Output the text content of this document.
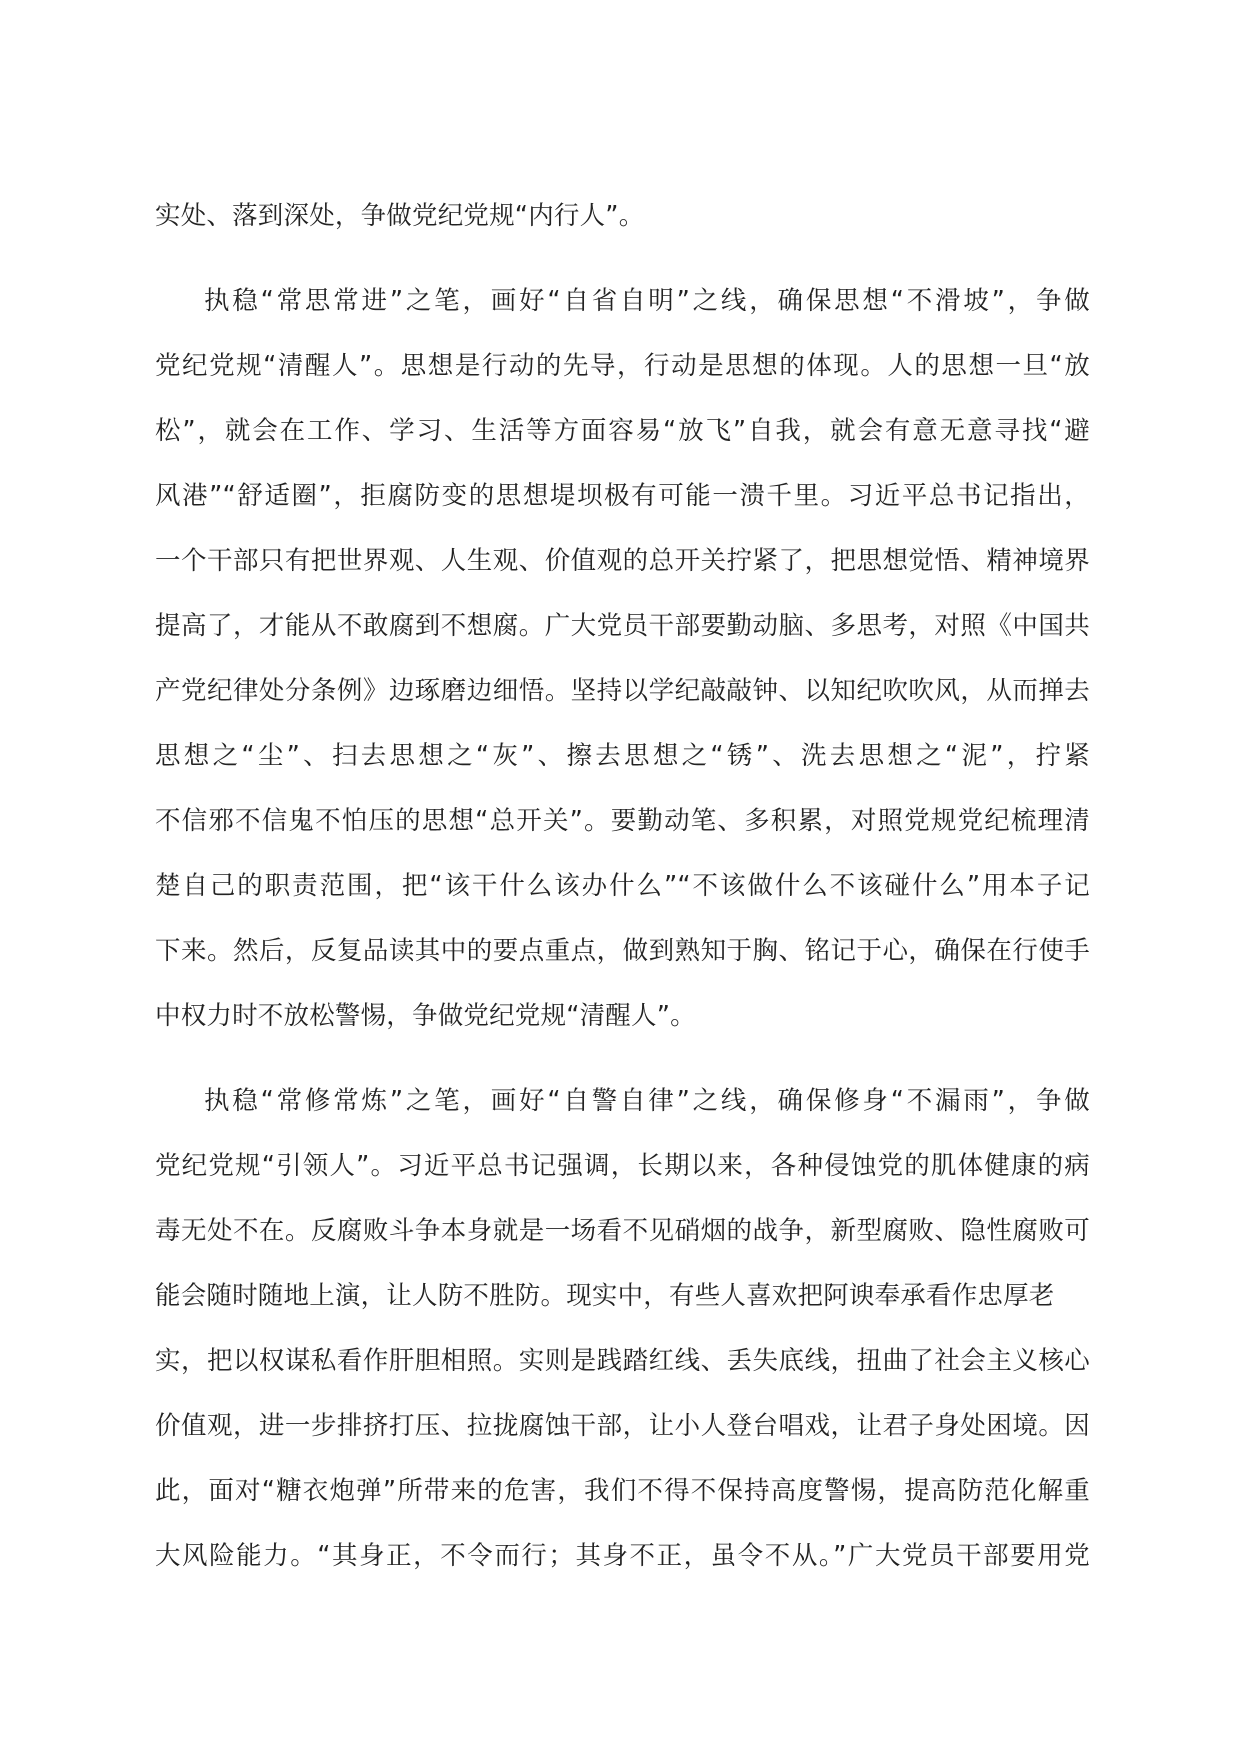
实处、落到深处，争做党纪党规“内行人”。
执稳“常思常进”之笔，画好“自省自明”之线，确保思想“不滑坡”，争做
党纪党规“清醒人”。思想是行动的先导，行动是思想的体现。人的思想一旦“放
松”，就会在工作、学习、生活等方面容易“放飞”自我，就会有意无意寻找“避
风港”“舒适圈”，拒腐防变的思想堤坝极有可能一溃千里。习近平总书记指出，
一个干部只有把世界观、人生观、价值观的总开关拧紧了，把思想觉悟、精神境界
提高了，才能从不敢腐到不想腐。广大党员干部要勤动脑、多思考，对照《中国共
产党纪律处分条例》边琢磨边细悟。坚持以学纪敲敲钟、以知纪吹吹风，从而掸去
思想之“尘”、扫去思想之“灰”、擦去思想之“锈”、洗去思想之“泥”，拧紧
不信邪不信鬼不怕压的思想“总开关”。要勤动笔、多积累，对照党规党纪梳理清
楚自己的职责范围，把“该干什么该办什么”“不该做什么不该碰什么”用本子记
下来。然后，反复品读其中的要点重点，做到熟知于胸、铭记于心，确保在行使手
中权力时不放松警惕，争做党纪党规“清醒人”。
执稳“常修常炼”之笔，画好“自警自律”之线，确保修身“不漏雨”，争做
党纪党规“引领人”。习近平总书记强调，长期以来，各种侵蚀党的肌体健康的病
毒无处不在。反腐败斗争本身就是一场看不见硝烟的战争，新型腐败、隐性腐败可
能会随时随地上演，让人防不胜防。现实中，有些人喜欢把阿谀奉承看作忠厚老
实，把以权谋私看作肝胆相照。实则是践踏红线、丢失底线，扭曲了社会主义核心
价值观，进一步排挤打压、拉拢腐蚀干部，让小人登台唱戏，让君子身处困境。因
此，面对“糖衣炮弹”所带来的危害，我们不得不保持高度警惕，提高防范化解重
大风险能力。“其身正，不令而行；其身不正，虽令不从。”广大党员干部要用党
